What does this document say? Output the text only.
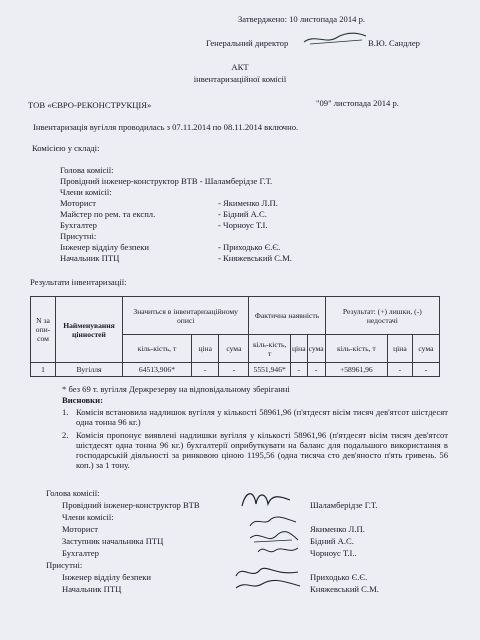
Затверджено: 10 листопада 2014 р.
Генеральний директор	В.Ю. Сандлер
АКТ
інвентаризаційної комісії
ТОВ «ЄВРО-РЕКОНСТРУКЦІЯ»	"09" листопада 2014 р.
Інвентаризація вугілля проводилась з 07.11.2014 по 08.11.2014 включно.
Комісією у складі:
Голова комісії:
Провідний інженер-конструктор ВТВ - Шаламберідзе Г.Т.
Члени комісії:
Моторист	- Якименко Л.П.
Майстер по рем. та експл.	- Бідний А.С.
Бухгалтер	- Чорноус Т.І.
Присутні:
Інженер відділу безпеки	- Приходько Є.Є.
Начальник ПТЦ	- Княжевський С.М.
Результати інвентаризації:
N за опи-сом	Найменування цінностей	Значиться в інвентаризаційному описі			Фактична наявність			Результат: (+) лишки, (-) недостачі		
		кіль-кість, т	ціна	сума	кіль-кість, т	ціна	сума	кіль-кість, т	ціна	сума
1	Вугілля	64513,906*	-	-	5551,946*	-	-	+58961,96	-	-
* без 69 т. вугілля Держрезерву на відповідальному зберіганні
Висновки:
1. Комісія встановила надлишок вугілля у кількості 58961,96 (п'ятдесят вісім тисяч дев'ятсот шістдесят одна тонна 96 кг.)
2. Комісія пропонує виявлені надлишки вугілля у кількості 58961,96 (п'ятдесят вісім тисяч дев'ятсот шістдесят одна тонна 96 кг.) бухгалтерії оприбуткувати на баланс для подальшого використання в господарській діяльності за ринковою ціною 1195,56 (одна тисяча сто дев'яносто п'ять гривень. 56 коп.) за 1 тону.
Голова комісії:
Провідний інженер-конструктор ВТВ	Шаламберідзе Г.Т.
Члени комісії:
Моторист	Якименко Л.П.
Заступник начальника ПТЦ	Бідний А.С.
Бухгалтер	Чорноус Т.І..
Присутні:
Інженер відділу безпеки	Приходько Є.Є.
Начальник ПТЦ	Княжевський С.М.
